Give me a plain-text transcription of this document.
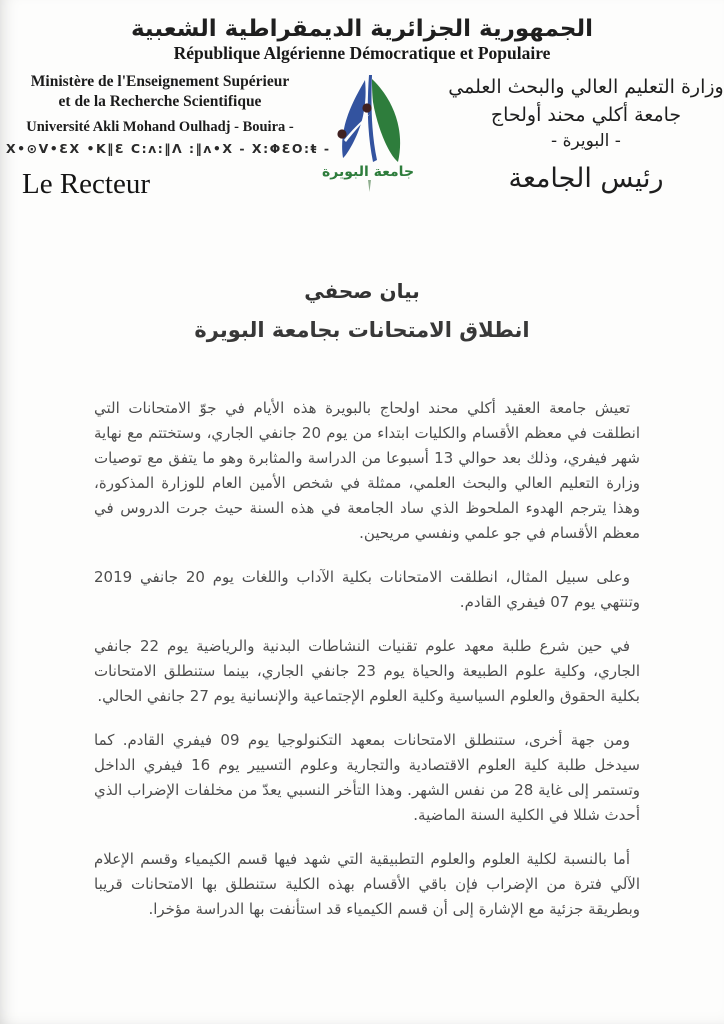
الجمهورية الجزائرية الديمقراطية الشعبية
République Algérienne Démocratique et Populaire
Ministère de l'Enseignement Supérieur
et de la Recherche Scientifique
Université Akli Mohand Oulhadj - Bouira -
X•⊙V•ƐX •K‖Ɛ C:ʌ:‖Λ :‖ʌ•X - X:ΦƐO:ŧ -
Le Recteur	جامعة البويرة
وزارة التعليم العالي والبحث العلمي
جامعة أكلي محند أولحاج
- البويرة -
رئيس الجامعة
بيان صحفي
انطلاق الامتحانات بجامعة البويرة

تعيش جامعة العقيد أكلي محند اولحاج بالبويرة هذه الأيام في جوّ الامتحانات التي انطلقت في معظم الأقسام والكليات ابتداء من يوم 20 جانفي الجاري، وستختتم مع نهاية شهر فيفري، وذلك بعد حوالي 13 أسبوعا من الدراسة والمثابرة وهو ما يتفق مع توصيات وزارة التعليم العالي والبحث العلمي، ممثلة في شخص الأمين العام للوزارة المذكورة، وهذا يترجم الهدوء الملحوظ الذي ساد الجامعة في هذه السنة حيث جرت الدروس في معظم الأقسام في جو علمي ونفسي مريحين.

وعلى سبيل المثال، انطلقت الامتحانات بكلية الآداب واللغات يوم 20 جانفي 2019 وتنتهي يوم 07 فيفري القادم.

في حين شرع طلبة معهد علوم تقنيات النشاطات البدنية والرياضية يوم 22 جانفي الجاري، وكلية علوم الطبيعة والحياة يوم 23 جانفي الجاري، بينما ستنطلق الامتحانات بكلية الحقوق والعلوم السياسية وكلية العلوم الإجتماعية والإنسانية يوم 27 جانفي الحالي.

ومن جهة أخرى، ستنطلق الامتحانات بمعهد التكنولوجيا يوم 09 فيفري القادم. كما سيدخل طلبة كلية العلوم الاقتصادية والتجارية وعلوم التسيير يوم 16 فيفري الداخل وتستمر إلى غاية 28 من نفس الشهر. وهذا التأخر النسبي يعدّ من مخلفات الإضراب الذي أحدث شللا في الكلية السنة الماضية.

أما بالنسبة لكلية العلوم والعلوم التطبيقية التي شهد فيها قسم الكيمياء وقسم الإعلام الآلي فترة من الإضراب فإن باقي الأقسام بهذه الكلية ستنطلق بها الامتحانات قريبا وبطريقة جزئية مع الإشارة إلى أن قسم الكيمياء قد استأنفت بها الدراسة مؤخرا.
